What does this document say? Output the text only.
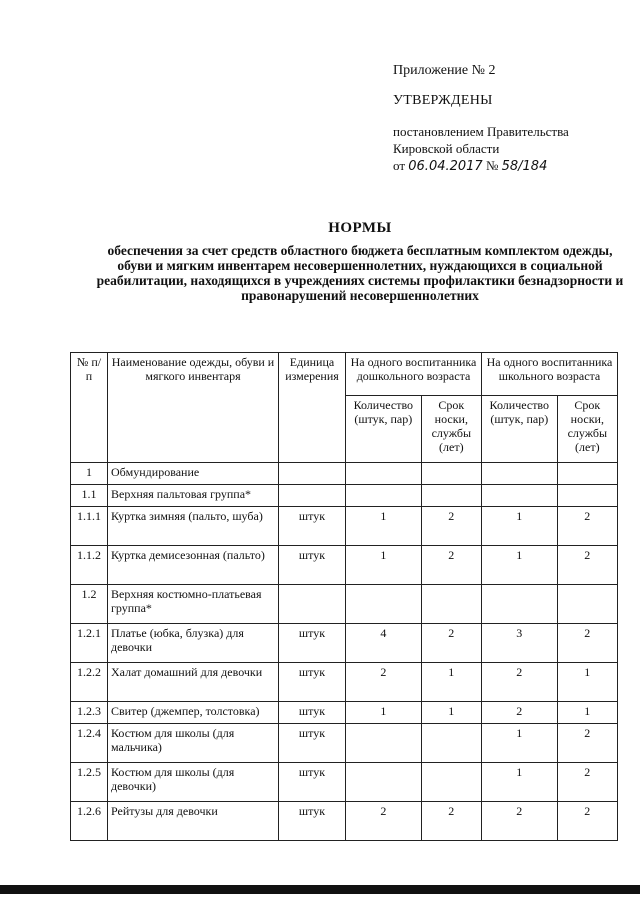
Приложение № 2
УТВЕРЖДЕНЫ
постановлением Правительства
Кировской области
от 06.04.2017 № 58/184
НОРМЫ
обеспечения за счет средств областного бюджета бесплатным комплектом одежды, обуви и мягким инвентарем несовершеннолетних, нуждающихся в социальной реабилитации, находящихся в учреждениях системы профилактики безнадзорности и правонарушений несовершеннолетних
№ п/п	Наименование одежды, обуви и мягкого инвентаря	Единица измерения	На одного воспитанника дошкольного возраста		На одного воспитанника школьного возраста	
			Количество (штук, пар)	Срок носки, службы (лет)	Количество (штук, пар)	Срок носки, службы (лет)
1	Обмундирование					
1.1	Верхняя пальтовая группа*					
1.1.1	Куртка зимняя (пальто, шуба)	штук	1	2	1	2
1.1.2	Куртка демисезонная (пальто)	штук	1	2	1	2
1.2	Верхняя костюмно-платьевая группа*					
1.2.1	Платье (юбка, блузка) для девочки	штук	4	2	3	2
1.2.2	Халат домашний для девочки	штук	2	1	2	1
1.2.3	Свитер (джемпер, толстовка)	штук	1	1	2	1
1.2.4	Костюм для школы (для мальчика)	штук			1	2
1.2.5	Костюм для школы (для девочки)	штук			1	2
1.2.6	Рейтузы для девочки	штук	2	2	2	2
